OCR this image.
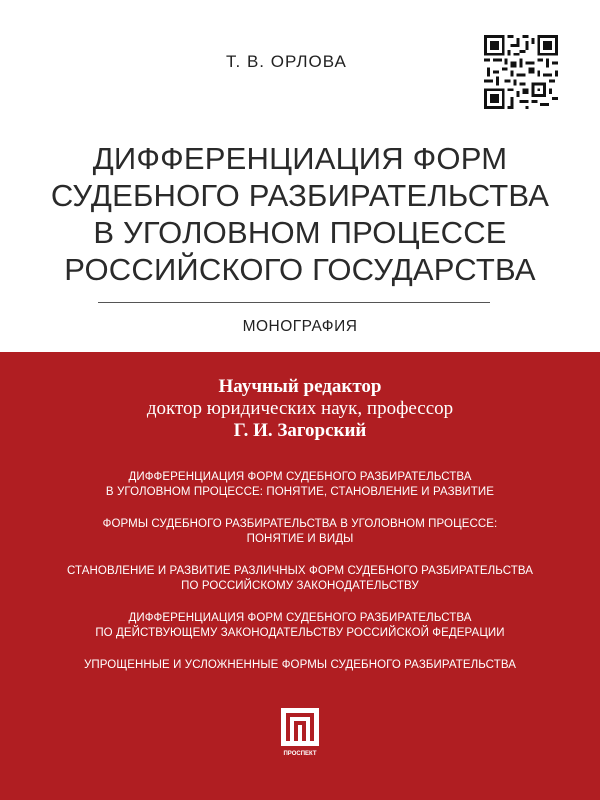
Т. В. ОРЛОВА
ДИФФЕРЕНЦИАЦИЯ ФОРМ
СУДЕБНОГО РАЗБИРАТЕЛЬСТВА
В УГОЛОВНОМ ПРОЦЕССЕ
РОССИЙСКОГО ГОСУДАРСТВА
МОНОГРАФИЯ
Научный редактор
доктор юридических наук, профессор
Г. И. Загорский
ДИФФЕРЕНЦИАЦИЯ ФОРМ СУДЕБНОГО РАЗБИРАТЕЛЬСТВА
В УГОЛОВНОМ ПРОЦЕССЕ: ПОНЯТИЕ, СТАНОВЛЕНИЕ И РАЗВИТИЕ
ФОРМЫ СУДЕБНОГО РАЗБИРАТЕЛЬСТВА В УГОЛОВНОМ ПРОЦЕССЕ:
ПОНЯТИЕ И ВИДЫ
СТАНОВЛЕНИЕ И РАЗВИТИЕ РАЗЛИЧНЫХ ФОРМ СУДЕБНОГО РАЗБИРАТЕЛЬСТВА
ПО РОССИЙСКОМУ ЗАКОНОДАТЕЛЬСТВУ
ДИФФЕРЕНЦИАЦИЯ ФОРМ СУДЕБНОГО РАЗБИРАТЕЛЬСТВА
ПО ДЕЙСТВУЮЩЕМУ ЗАКОНОДАТЕЛЬСТВУ РОССИЙСКОЙ ФЕДЕРАЦИИ
УПРОЩЕННЫЕ И УСЛОЖНЕННЫЕ ФОРМЫ СУДЕБНОГО РАЗБИРАТЕЛЬСТВА
ПРОСПЕКТ
